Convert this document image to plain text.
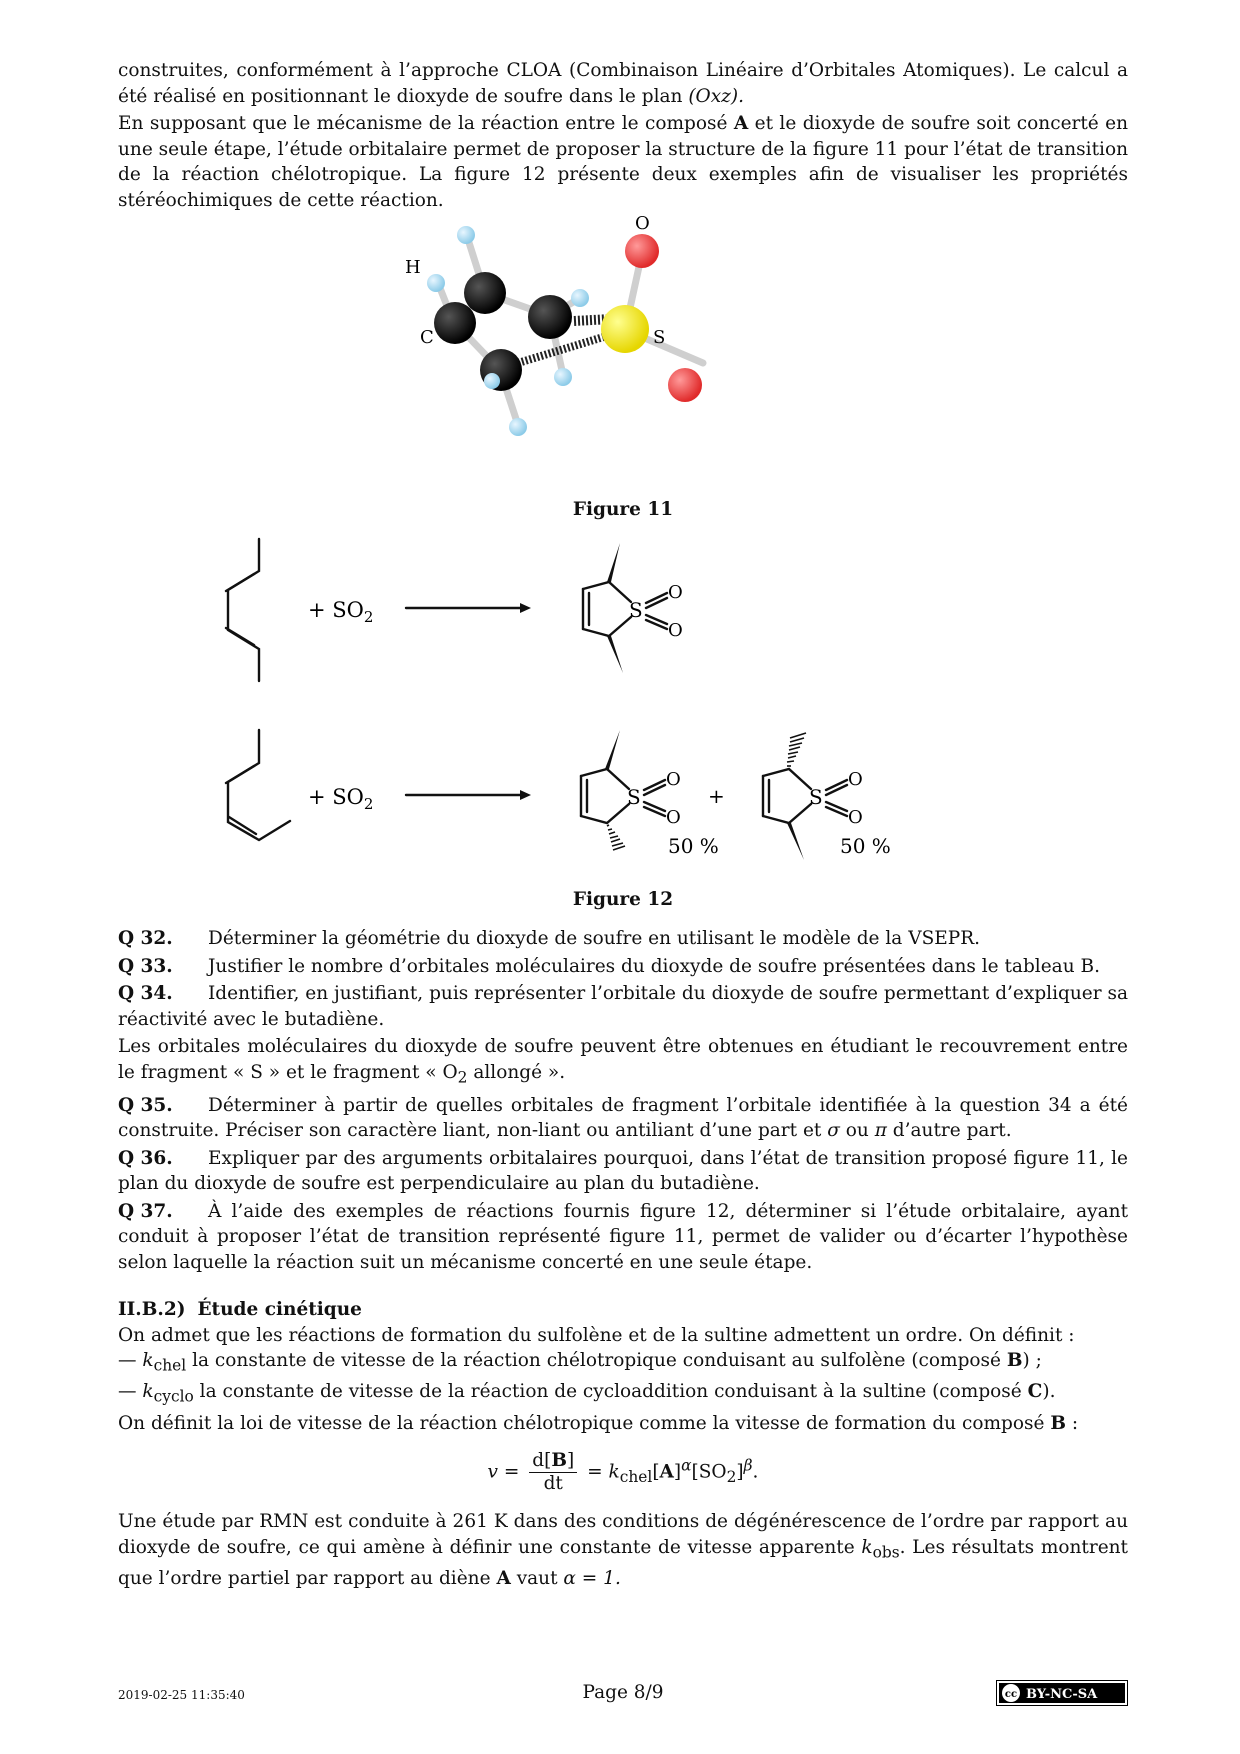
construites, conformément à l’approche CLOA (Combinaison Linéaire d’Orbitales Atomiques). Le calcul a été réalisé en positionnant le dioxyde de soufre dans le plan (Oxz).

En supposant que le mécanisme de la réaction entre le composé A et le dioxyde de soufre soit concerté en une seule étape, l’étude orbitalaire permet de proposer la structure de la figure 11 pour l’état de transition de la réaction chélotropique. La figure 12 présente deux exemples afin de visualiser les propriétés stéréochimiques de cette réaction.

O
H
C	S

Figure 11

+ $SO_2$
+ $SO_2$
S
O
O
S
O
O
S
O
O
+
50 %	50 %

Figure 12

Q 32. Déterminer la géométrie du dioxyde de soufre en utilisant le modèle de la VSEPR.

Q 33. Justifier le nombre d’orbitales moléculaires du dioxyde de soufre présentées dans le tableau B.

Q 34. Identifier, en justifiant, puis représenter l’orbitale du dioxyde de soufre permettant d’expliquer sa réactivité avec le butadiène.

Les orbitales moléculaires du dioxyde de soufre peuvent être obtenues en étudiant le recouvrement entre le fragment « S » et le fragment « $O_2$ allongé ».

Q 35. Déterminer à partir de quelles orbitales de fragment l’orbitale identifiée à la question 34 a été construite. Préciser son caractère liant, non-liant ou antiliant d’une part et σ ou π d’autre part.

Q 36. Expliquer par des arguments orbitalaires pourquoi, dans l’état de transition proposé figure 11, le plan du dioxyde de soufre est perpendiculaire au plan du butadiène.

Q 37. À l’aide des exemples de réactions fournis figure 12, déterminer si l’étude orbitalaire, ayant conduit à proposer l’état de transition représenté figure 11, permet de valider ou d’écarter l’hypothèse selon laquelle la réaction suit un mécanisme concerté en une seule étape.

II.B.2) Étude cinétique

On admet que les réactions de formation du sulfolène et de la sultine admettent un ordre. On définit :

— $k_{chel}$ la constante de vitesse de la réaction chélotropique conduisant au sulfolène (composé B) ;

— $k_{cyclo}$ la constante de vitesse de la réaction de cycloaddition conduisant à la sultine (composé C).

On définit la loi de vitesse de la réaction chélotropique comme la vitesse de formation du composé B :

$v = \frac{d[B]}{dt} = k_{chel}[A]^\alpha[SO_2]^\beta$.

Une étude par RMN est conduite à 261 K dans des conditions de dégénérescence de l’ordre par rapport au dioxyde de soufre, ce qui amène à définir une constante de vitesse apparente $k_{obs}$. Les résultats montrent que l’ordre partiel par rapport au diène A vaut α = 1.

2019-02-25 11:35:40	Page 8/9	cc BY-NC-SA
